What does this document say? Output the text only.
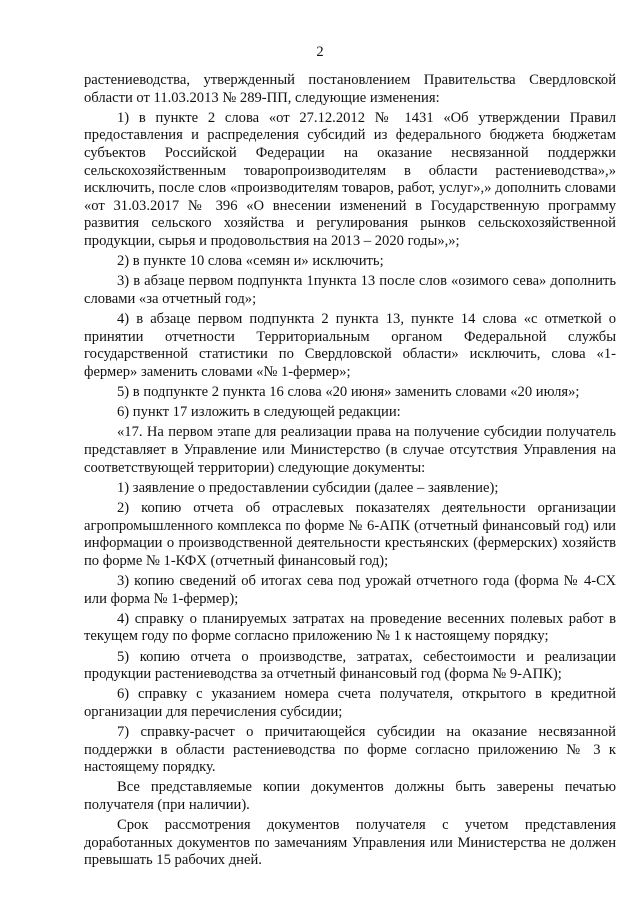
2

растениеводства, утвержденный постановлением Правительства Свердловской области от 11.03.2013 № 289-ПП, следующие изменения:

1) в пункте 2 слова «от 27.12.2012 № 1431 «Об утверждении Правил предоставления и распределения субсидий из федерального бюджета бюджетам субъектов Российской Федерации на оказание несвязанной поддержки сельскохозяйственным товаропроизводителям в области растениеводства»,» исключить, после слов «производителям товаров, работ, услуг»,» дополнить словами «от 31.03.2017 № 396 «О внесении изменений в Государственную программу развития сельского хозяйства и регулирования рынков сельскохозяйственной продукции, сырья и продовольствия на 2013 – 2020 годы»,»;

2) в пункте 10 слова «семян и» исключить;

3) в абзаце первом подпункта 1пункта 13 после слов «озимого сева» дополнить словами «за отчетный год»;

4) в абзаце первом подпункта 2 пункта 13, пункте 14 слова «с отметкой о принятии отчетности Территориальным органом Федеральной службы государственной статистики по Свердловской области» исключить, слова «1-фермер» заменить словами «№ 1-фермер»;

5) в подпункте 2 пункта 16 слова «20 июня» заменить словами «20 июля»;

6) пункт 17 изложить в следующей редакции:

«17. На первом этапе для реализации права на получение субсидии получатель представляет в Управление или Министерство (в случае отсутствия Управления на соответствующей территории) следующие документы:

1) заявление о предоставлении субсидии (далее – заявление);

2) копию отчета об отраслевых показателях деятельности организации агропромышленного комплекса по форме № 6-АПК (отчетный финансовый год) или информации о производственной деятельности крестьянских (фермерских) хозяйств по форме № 1-КФХ (отчетный финансовый год);

3) копию сведений об итогах сева под урожай отчетного года (форма № 4-СХ или форма № 1-фермер);

4) справку о планируемых затратах на проведение весенних полевых работ в текущем году по форме согласно приложению № 1 к настоящему порядку;

5) копию отчета о производстве, затратах, себестоимости и реализации продукции растениеводства за отчетный финансовый год (форма № 9-АПК);

6) справку с указанием номера счета получателя, открытого в кредитной организации для перечисления субсидии;

7) справку-расчет о причитающейся субсидии на оказание несвязанной поддержки в области растениеводства по форме согласно приложению № 3 к настоящему порядку.

Все представляемые копии документов должны быть заверены печатью получателя (при наличии).

Срок рассмотрения документов получателя с учетом представления доработанных документов по замечаниям Управления или Министерства не должен превышать 15 рабочих дней.
